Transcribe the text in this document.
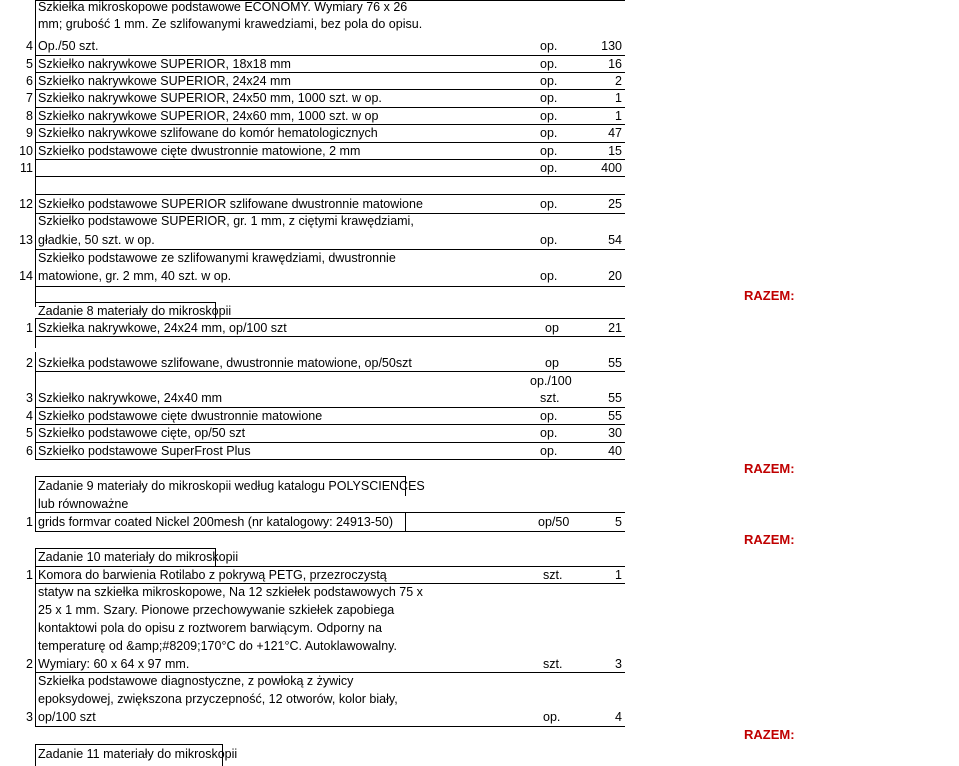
Szkiełka mikroskopowe podstawowe ECONOMY. Wymiary 76 x 26
mm; grubość 1 mm. Ze szlifowanymi krawedziami, bez pola do opisu.
4 Op./50 szt.	op.	130
5 Szkiełko nakrywkowe SUPERIOR, 18x18 mm	op.	16
6 Szkiełko nakrywkowe SUPERIOR, 24x24 mm	op.	2
7 Szkiełko nakrywkowe SUPERIOR, 24x50 mm, 1000 szt. w op.	op.	1
8 Szkiełko nakrywkowe SUPERIOR, 24x60 mm, 1000 szt. w op	op.	1
9 Szkiełko nakrywkowe szlifowane do komór hematologicznych	op.	47
10 Szkiełko podstawowe cięte dwustronnie matowione, 2 mm	op.	15
11	op.	400
12 Szkiełko podstawowe SUPERIOR szlifowane dwustronnie matowione	op.	25
Szkiełko podstawowe SUPERIOR, gr. 1 mm, z ciętymi krawędziami,
13 gładkie, 50 szt. w op.	op.	54
Szkiełko podstawowe ze szlifowanymi krawędziami, dwustronnie
14 matowione, gr. 2 mm, 40 szt. w op.	op.	20
RAZEM:
Zadanie 8 materiały do mikroskopii
1 Szkiełka nakrywkowe, 24x24 mm, op/100 szt	op	21
2 Szkiełka podstawowe szlifowane, dwustronnie matowione, op/50szt	op	55
op./100
3 Szkiełko nakrywkowe, 24x40 mm	szt.	55
4 Szkiełko podstawowe cięte dwustronnie matowione	op.	55
5 Szkiełko podstawowe cięte, op/50 szt	op.	30
6 Szkiełko podstawowe SuperFrost Plus	op.	40
RAZEM:
Zadanie 9 materiały do mikroskopii według katalogu POLYSCIENCES
lub równoważne
1 grids formvar coated Nickel 200mesh (nr katalogowy: 24913-50)	op/50	5
RAZEM:
Zadanie 10 materiały do mikroskopii
1 Komora do barwienia Rotilabo z pokrywą PETG, przezroczystą	szt.	1
statyw na szkiełka mikroskopowe, Na 12 szkiełek podstawowych 75 x
25 x 1 mm. Szary. Pionowe przechowywanie szkiełek zapobiega
kontaktowi pola do opisu z roztworem barwiącym. Odporny na
temperaturę od &amp;#8209;170°C do +121°C. Autoklawowalny.
2 Wymiary: 60 x 64 x 97 mm.	szt.	3
Szkiełka podstawowe diagnostyczne, z powłoką z żywicy
epoksydowej, zwiększona przyczepność, 12 otworów, kolor biały,
3 op/100 szt	op.	4
RAZEM:
Zadanie 11 materiały do mikroskopii
